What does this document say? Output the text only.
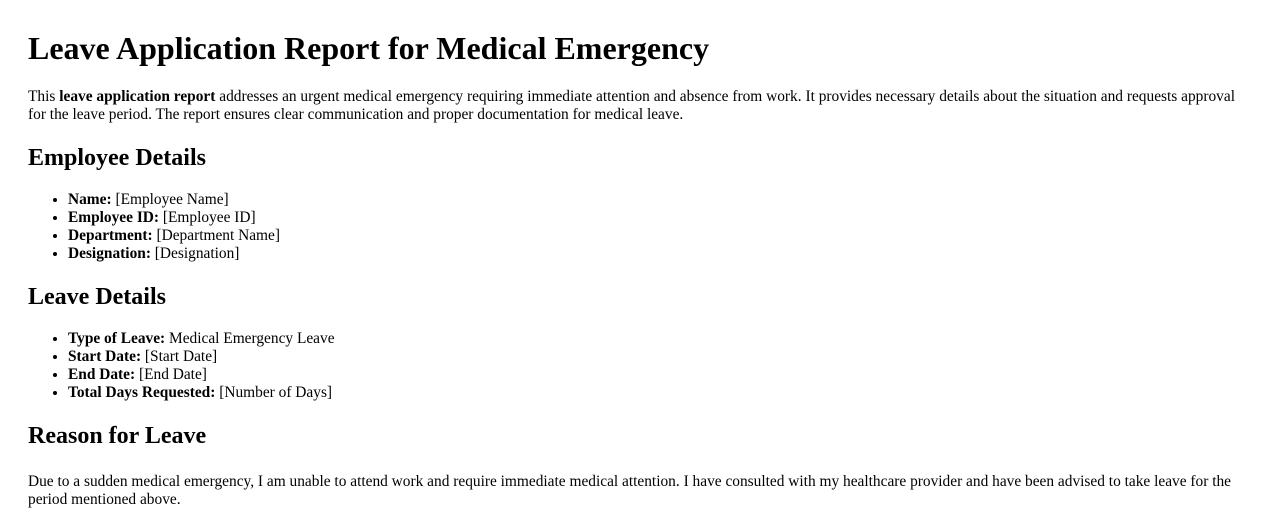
Leave Application Report for Medical Emergency

This leave application report addresses an urgent medical emergency requiring immediate attention and absence from work. It provides necessary details about the situation and requests approval for the leave period. The report ensures clear communication and proper documentation for medical leave.

Employee Details
• Name: [Employee Name]
• Employee ID: [Employee ID]
• Department: [Department Name]
• Designation: [Designation]
Leave Details
• Type of Leave: Medical Emergency Leave
• Start Date: [Start Date]
• End Date: [End Date]
• Total Days Requested: [Number of Days]
Reason for Leave

Due to a sudden medical emergency, I am unable to attend work and require immediate medical attention. I have consulted with my healthcare provider and have been advised to take leave for the period mentioned above.
